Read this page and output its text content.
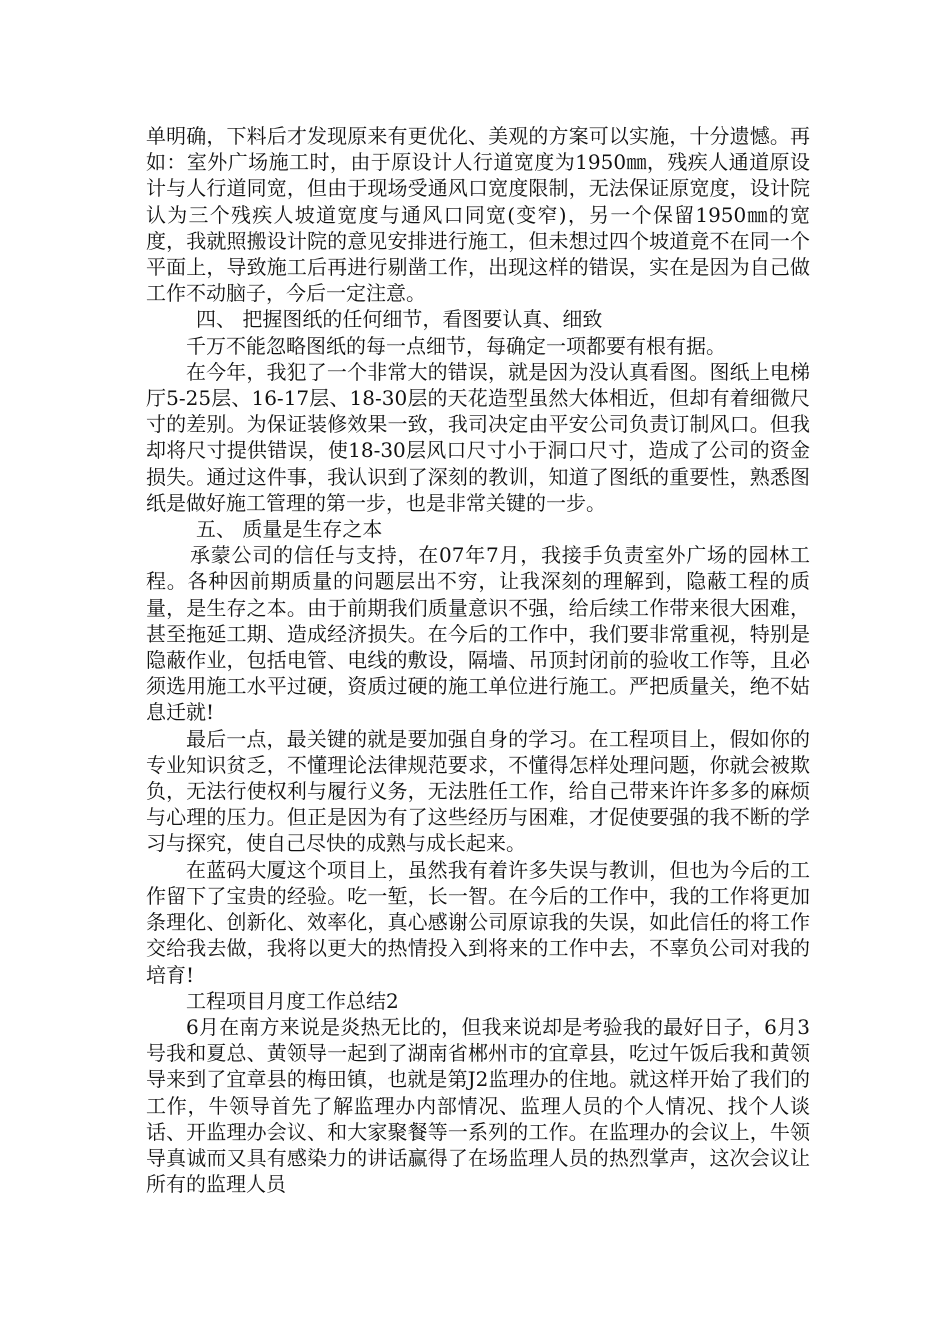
单明确，下料后才发现原来有更优化、美观的方案可以实施，十分遗憾。再如：室外广场施工时，由于原设计人行道宽度为1950㎜，残疾人通道原设计与人行道同宽，但由于现场受通风口宽度限制，无法保证原宽度，设计院认为三个残疾人坡道宽度与通风口同宽(变窄)，另一个保留1950㎜的宽度，我就照搬设计院的意见安排进行施工，但未想过四个坡道竟不在同一个平面上，导致施工后再进行剔凿工作，出现这样的错误，实在是因为自己做工作不动脑子，今后一定注意。

四、 把握图纸的任何细节，看图要认真、细致

千万不能忽略图纸的每一点细节，每确定一项都要有根有据。

在今年，我犯了一个非常大的错误，就是因为没认真看图。图纸上电梯厅5-25层、16-17层、18-30层的天花造型虽然大体相近，但却有着细微尺寸的差别。为保证装修效果一致，我司决定由平安公司负责订制风口。但我却将尺寸提供错误，使18-30层风口尺寸小于洞口尺寸，造成了公司的资金损失。通过这件事，我认识到了深刻的教训，知道了图纸的重要性，熟悉图纸是做好施工管理的第一步，也是非常关键的一步。

五、 质量是生存之本

承蒙公司的信任与支持，在07年7月，我接手负责室外广场的园林工程。各种因前期质量的问题层出不穷，让我深刻的理解到，隐蔽工程的质量，是生存之本。由于前期我们质量意识不强，给后续工作带来很大困难，甚至拖延工期、造成经济损失。在今后的工作中，我们要非常重视，特别是隐蔽作业，包括电管、电线的敷设，隔墙、吊顶封闭前的验收工作等，且必须选用施工水平过硬，资质过硬的施工单位进行施工。严把质量关，绝不姑息迁就!

最后一点，最关键的就是要加强自身的学习。在工程项目上，假如你的专业知识贫乏，不懂理论法律规范要求，不懂得怎样处理问题，你就会被欺负，无法行使权利与履行义务，无法胜任工作，给自己带来许许多多的麻烦与心理的压力。但正是因为有了这些经历与困难，才促使要强的我不断的学习与探究，使自己尽快的成熟与成长起来。

在蓝码大厦这个项目上，虽然我有着许多失误与教训，但也为今后的工作留下了宝贵的经验。吃一堑，长一智。在今后的工作中，我的工作将更加条理化、创新化、效率化，真心感谢公司原谅我的失误，如此信任的将工作交给我去做，我将以更大的热情投入到将来的工作中去，不辜负公司对我的培育!

工程项目月度工作总结2

6月在南方来说是炎热无比的，但我来说却是考验我的最好日子，6月3号我和夏总、黄领导一起到了湖南省郴州市的宜章县，吃过午饭后我和黄领导来到了宜章县的梅田镇，也就是第J2监理办的住地。就这样开始了我们的工作，牛领导首先了解监理办内部情况、监理人员的个人情况、找个人谈话、开监理办会议、和大家聚餐等一系列的工作。在监理办的会议上，牛领导真诚而又具有感染力的讲话赢得了在场监理人员的热烈掌声，这次会议让所有的监理人员
